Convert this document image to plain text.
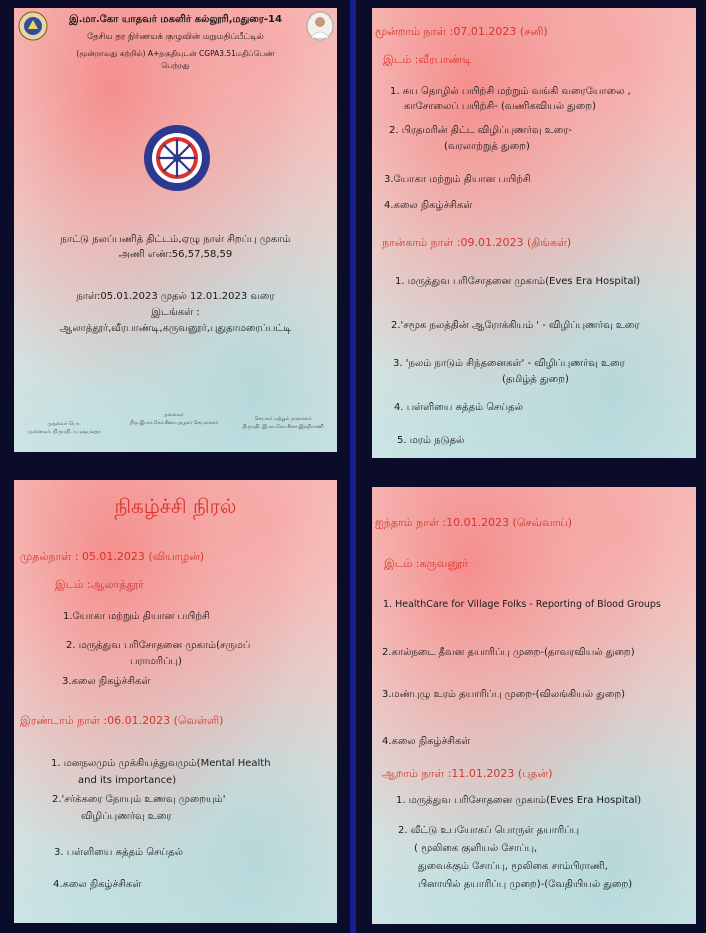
இ.மா.கோ யாதவர் மகளிர் கல்லூரி,மதுரை-14
தேசிய தர நிர்ணயக் குழுவின் மறுமதிப்பீட்டில்
(மூன்றாவது சுற்றில்) A+தகுதியுடன் CGPA3.51மதிப்பெண்
பெற்றது
நாட்டு நலப்பணித் திட்டம்,ஏழு நாள் சிறப்பு முகாம்
அணி எண்:56,57,58,59
நாள்:05.01.2023 முதல் 12.01.2023 வரை
இடங்கள் :
ஆலாத்தூர்,வீரபாண்டி,கருவனூர்,புதுதாமரைப்பட்டி
முதல்வர் பொ.
முனைவர். நிருமதி. ர.புஷ்பலதா
தலைவர்
திரு.இ.கா.கோ.சீனா.அழகர் செயலாளர்
செயலர் மற்றும் தாளாளர்
திருமதி. இ.கா.கோ.சீனா.இந்திராணி
மூன்றாம் நாள் :07.01.2023 (சனி)
இடம் :வீரபாண்டி
1. சுய தொழில் பயிற்சி மற்றும் வங்கி வரையோலை ,
காசோலைப் பயிற்சி- (வணிகவியல் துறை)
2. பிரதமரின் திட்ட விழிப்புணர்வு உரை-
(வரலாற்றுத் துறை)
3.யோகா மற்றும் தியான பயிற்சி
4.கலை நிகழ்ச்சிகள்
நான்காம் நாள் :09.01.2023 (திங்கள்)
1. மருத்துவ பரிசோதனை முகாம்(Eves Era Hospital)
2.'சமூக நலத்தின் ஆரோக்கியம் ' - விழிப்புணர்வு உரை
3. 'நலம் நாடும் சிந்தனைகள்' - விழிப்புணர்வு உரை
(தமிழ்த் துறை)
4. பள்ளியை சுத்தம் செய்தல்
5. மரம் நடுதல்
நிகழ்ச்சி நிரல்
முதல்நாள் : 05.01.2023 (வியாழன்)
இடம் :ஆலாத்தூர்
1.யோகா மற்றும் தியான பயிற்சி
2. மருத்துவ பரிசோதனை முகாம்(சருமப்
பராமரிப்பு)
3.கலை நிகழ்ச்சிகள்
இரண்டாம் நாள் :06.01.2023 (வெள்ளி)
1. மனநலமும் முக்கியத்துவமும்(Mental Health
and its importance)
2.'சர்க்கரை நோயும் உணவு முறையும்'
விழிப்புணர்வு உரை
3. பள்ளியை சுத்தம் செய்தல்
4.கலை நிகழ்ச்சிகள்
ஐந்தாம் நாள் :10.01.2023 (செவ்வாய்)
இடம் :கருவனூர்
1. HealthCare for Village Folks - Reporting of Blood Groups
2.கால்நடை தீவன தயாரிப்பு முறை-(தாவரவியல் துறை)
3.மண்புழு உரம் தயாரிப்பு முறை-(விலங்கியல் துறை)
4.கலை நிகழ்ச்சிகள்
ஆறாம் நாள் :11.01.2023 (புதன்)
1. மருத்துவ பரிசோதனை முகாம்(Eves Era Hospital)
2. வீட்டு உபயோகப் பொருள் தயாரிப்பு
( மூலிகை குளியல் சோப்பு,
துவைக்கும் சோப்பு, மூலிகை சாம்பிராணி,
பினாயில் தயாரிப்பு முறை)-(வேதியியல் துறை)
